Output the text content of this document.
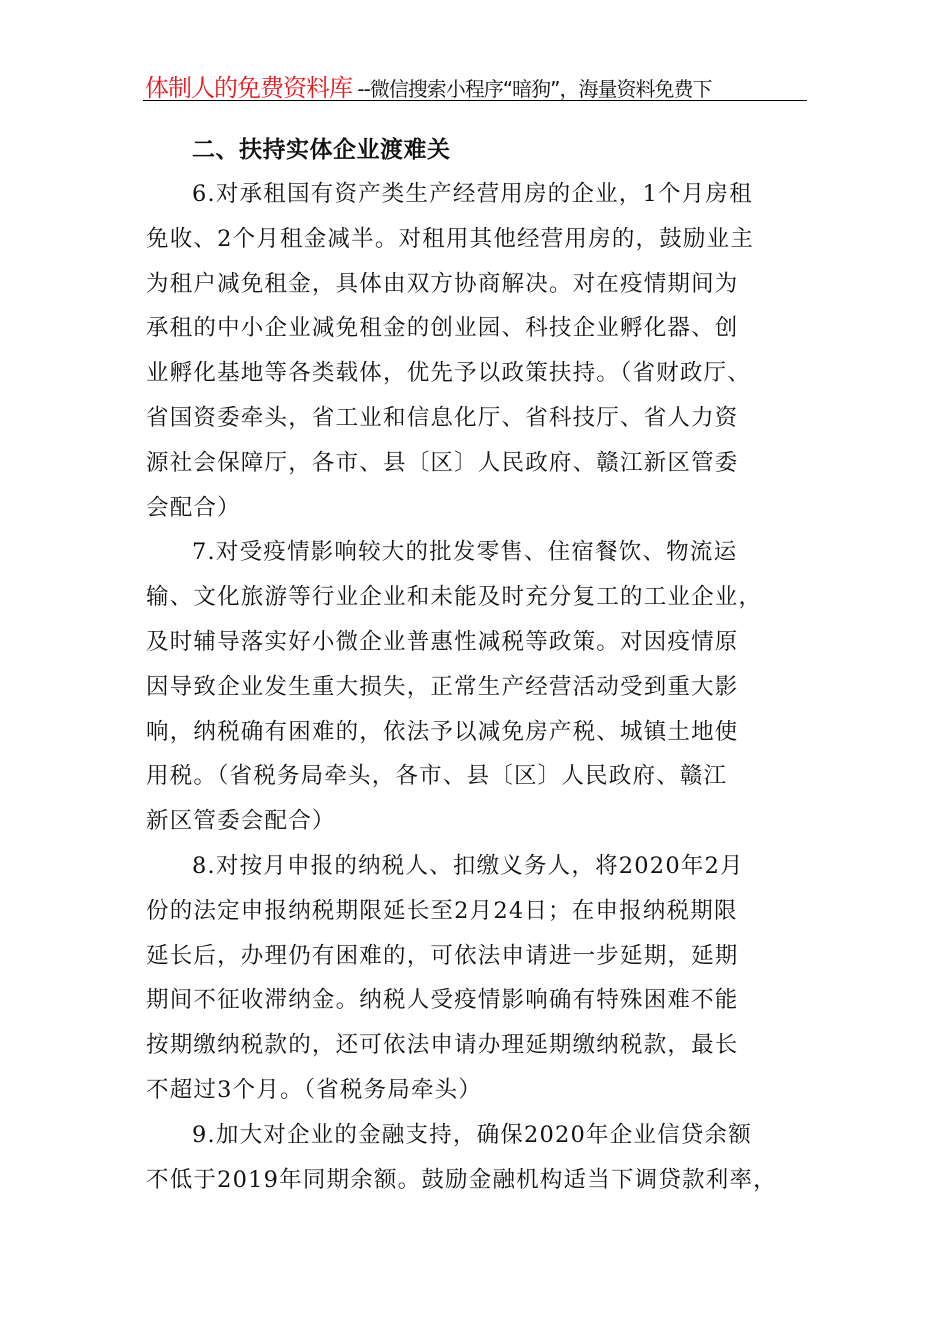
体制人的免费资料库 --微信搜索小程序“暗狗”，海量资料免费下
二、扶持实体企业渡难关
6.对承租国有资产类生产经营用房的企业，1个月房租
免收、2个月租金减半。对租用其他经营用房的，鼓励业主
为租户减免租金，具体由双方协商解决。对在疫情期间为
承租的中小企业减免租金的创业园、科技企业孵化器、创
业孵化基地等各类载体，优先予以政策扶持。（省财政厅、
省国资委牵头，省工业和信息化厅、省科技厅、省人力资
源社会保障厅，各市、县〔区〕人民政府、赣江新区管委
会配合）
7.对受疫情影响较大的批发零售、住宿餐饮、物流运
输、文化旅游等行业企业和未能及时充分复工的工业企业，
及时辅导落实好小微企业普惠性减税等政策。对因疫情原
因导致企业发生重大损失，正常生产经营活动受到重大影
响，纳税确有困难的，依法予以减免房产税、城镇土地使
用税。（省税务局牵头，各市、县〔区〕人民政府、赣江
新区管委会配合）
8.对按月申报的纳税人、扣缴义务人，将2020年2月
份的法定申报纳税期限延长至2月24日；在申报纳税期限
延长后，办理仍有困难的，可依法申请进一步延期，延期
期间不征收滞纳金。纳税人受疫情影响确有特殊困难不能
按期缴纳税款的，还可依法申请办理延期缴纳税款，最长
不超过3个月。（省税务局牵头）
9.加大对企业的金融支持，确保2020年企业信贷余额
不低于2019年同期余额。鼓励金融机构适当下调贷款利率，
